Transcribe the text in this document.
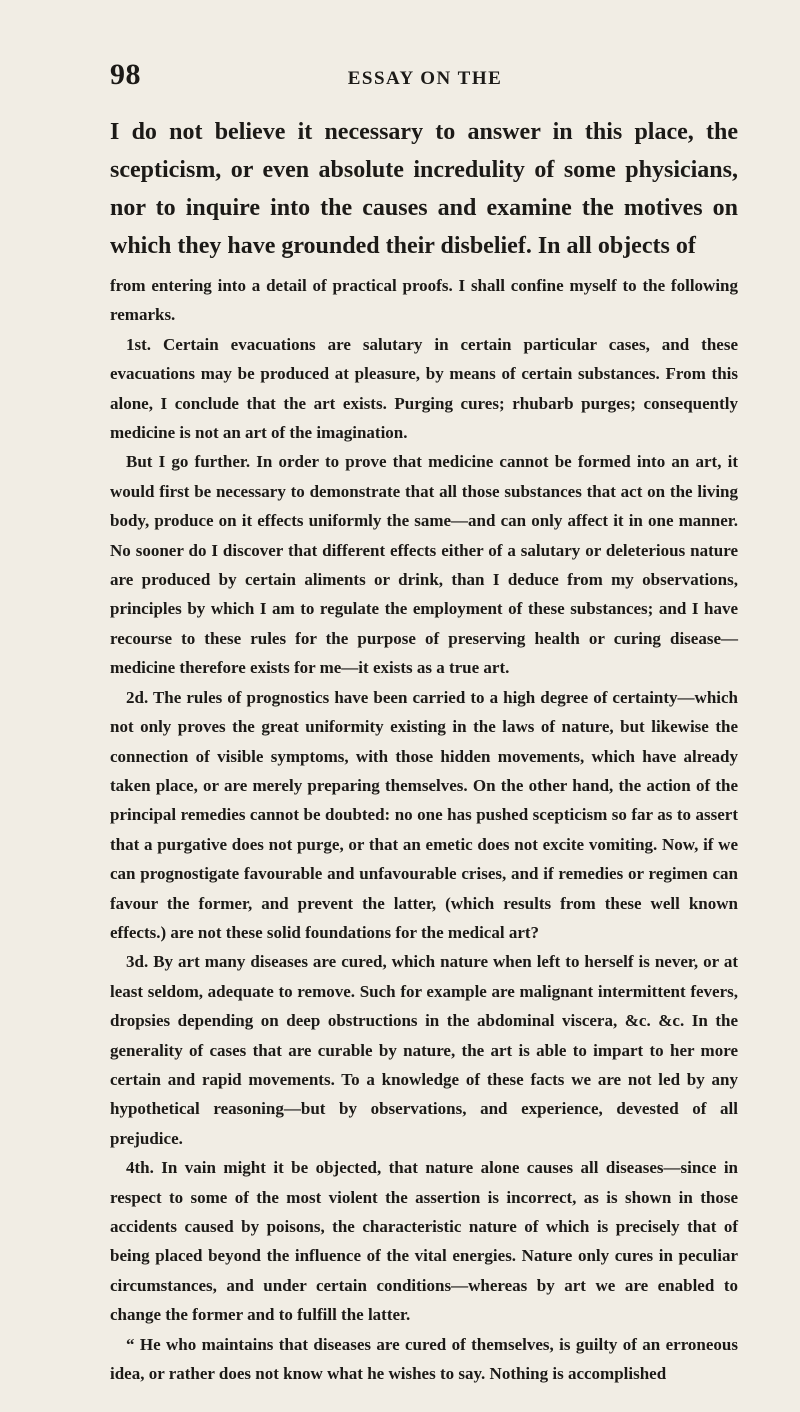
98	ESSAY ON THE

I do not believe it necessary to answer in this place, the scepticism, or even absolute incredulity of some physicians, nor to inquire into the causes and examine the motives on which they have grounded their disbelief. In all objects of

from entering into a detail of practical proofs. I shall confine myself to the following remarks.

1st. Certain evacuations are salutary in certain particular cases, and these evacuations may be produced at pleasure, by means of certain substances. From this alone, I conclude that the art exists. Purging cures; rhubarb purges; consequently medicine is not an art of the imagination.

But I go further. In order to prove that medicine cannot be formed into an art, it would first be necessary to demonstrate that all those substances that act on the living body, produce on it effects uniformly the same—and can only affect it in one manner. No sooner do I discover that different effects either of a salutary or deleterious nature are produced by certain aliments or drink, than I deduce from my observations, principles by which I am to regulate the employment of these substances; and I have recourse to these rules for the purpose of preserving health or curing disease—medicine therefore exists for me—it exists as a true art.

2d. The rules of prognostics have been carried to a high degree of certainty—which not only proves the great uniformity existing in the laws of nature, but likewise the connection of visible symptoms, with those hidden movements, which have already taken place, or are merely preparing themselves. On the other hand, the action of the principal remedies cannot be doubted: no one has pushed scepticism so far as to assert that a purgative does not purge, or that an emetic does not excite vomiting. Now, if we can prognostigate favourable and unfavourable crises, and if remedies or regimen can favour the former, and prevent the latter, (which results from these well known effects.) are not these solid foundations for the medical art?

3d. By art many diseases are cured, which nature when left to herself is never, or at least seldom, adequate to remove. Such for example are malignant intermittent fevers, dropsies depending on deep obstructions in the abdominal viscera, &c. &c. In the generality of cases that are curable by nature, the art is able to impart to her more certain and rapid movements. To a knowledge of these facts we are not led by any hypothetical reasoning—but by observations, and experience, devested of all prejudice.

4th. In vain might it be objected, that nature alone causes all diseases—since in respect to some of the most violent the assertion is incorrect, as is shown in those accidents caused by poisons, the characteristic nature of which is precisely that of being placed beyond the influence of the vital energies. Nature only cures in peculiar circumstances, and under certain conditions—whereas by art we are enabled to change the former and to fulfill the latter.

“ He who maintains that diseases are cured of themselves, is guilty of an erroneous idea, or rather does not know what he wishes to say. Nothing is accomplished
